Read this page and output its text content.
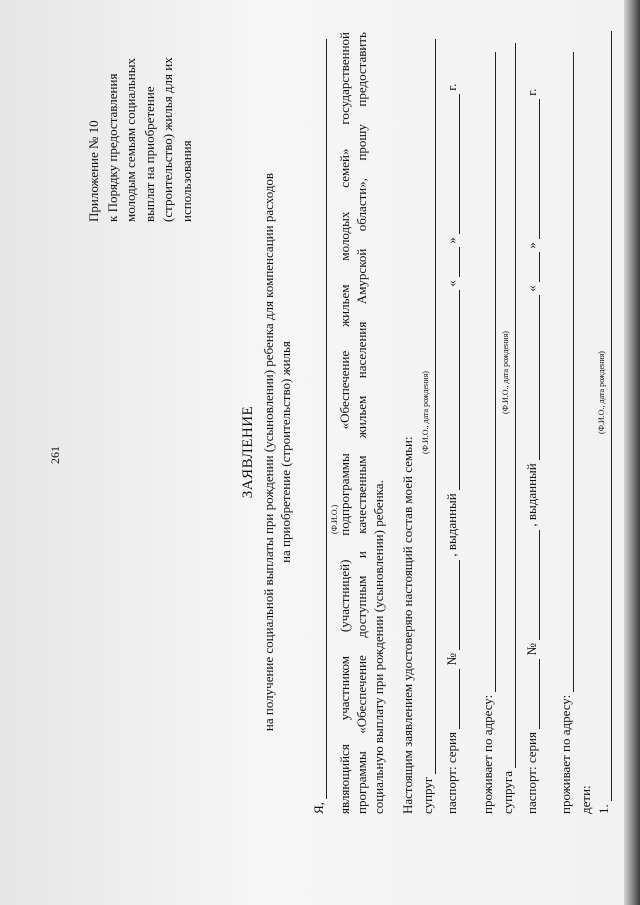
261
Приложение № 10 к Порядку предоставления молодым семьям социальных выплат на приобретение (строительство) жилья для их использования
ЗАЯВЛЕНИЕ на получение социальной выплаты при рождении (усыновлении) ребенка для компенсации расходов на приобретение (строительство) жилья
Я,
(Ф.И.О.)
являющийся участником (участницей) подпрограммы «Обеспечение жильем молодых семей» государственной программы «Обеспечение доступным и качественным жильем населения Амурской области», прошу предоставить социальную выплату при рождении (усыновлении) ребенка. Настоящим заявлением удостоверяю настоящий состав моей семьи: супруг
(Ф.И.О., дата рождения)
паспорт: серия  №  , выданный  «  »  г.
проживает по адресу: супруга
(Ф.И.О., дата рождения)
паспорт: серия  №  , выданный  «  »  г.
проживает по адресу: дети: 1.
(Ф.И.О., дата рождения)
